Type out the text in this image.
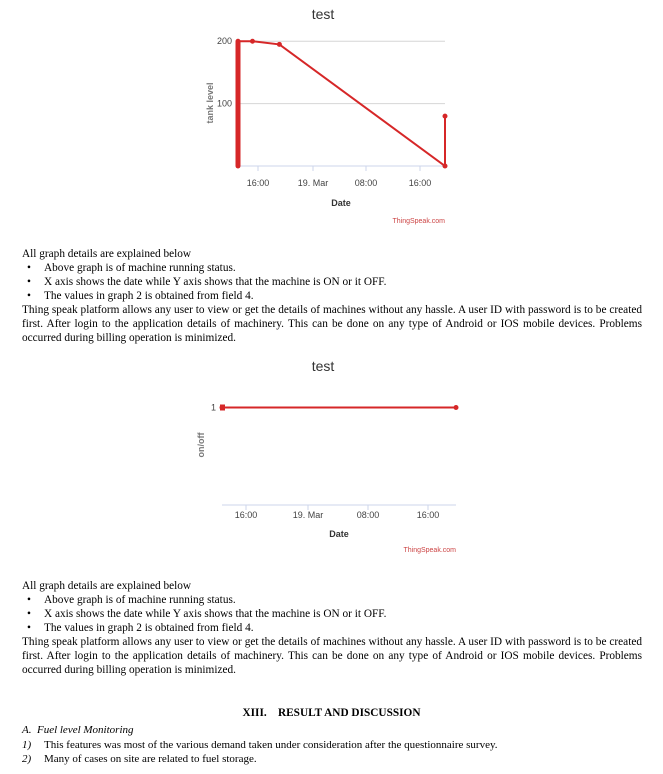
test
tank level
Date
ThingSpeak.com
100
200
16:00	19. Mar	08:00	16:00

All graph details are explained below

• Above graph is of machine running status.
• X axis shows the date while Y axis shows that the machine is ON or it OFF.
• The values in graph 2 is obtained from field 4.

Thing speak platform allows any user to view or get the details of machines without any hassle. A user ID with password is to be created first. After login to the application details of machinery. This can be done on any type of Android or IOS mobile devices. Problems occurred during billing operation is minimized.

test
on/off
Date
ThingSpeak.com
1
16:00	19. Mar	08:00	16:00

All graph details are explained below

• Above graph is of machine running status.
• X axis shows the date while Y axis shows that the machine is ON or it OFF.
• The values in graph 2 is obtained from field 4.

Thing speak platform allows any user to view or get the details of machines without any hassle. A user ID with password is to be created first. After login to the application details of machinery. This can be done on any type of Android or IOS mobile devices. Problems occurred during billing operation is minimized.

XIII.    RESULT AND DISCUSSION
A.  Fuel level Monitoring
1) This features was most of the various demand taken under consideration after the questionnaire survey.
2) Many of cases on site are related to fuel storage.
